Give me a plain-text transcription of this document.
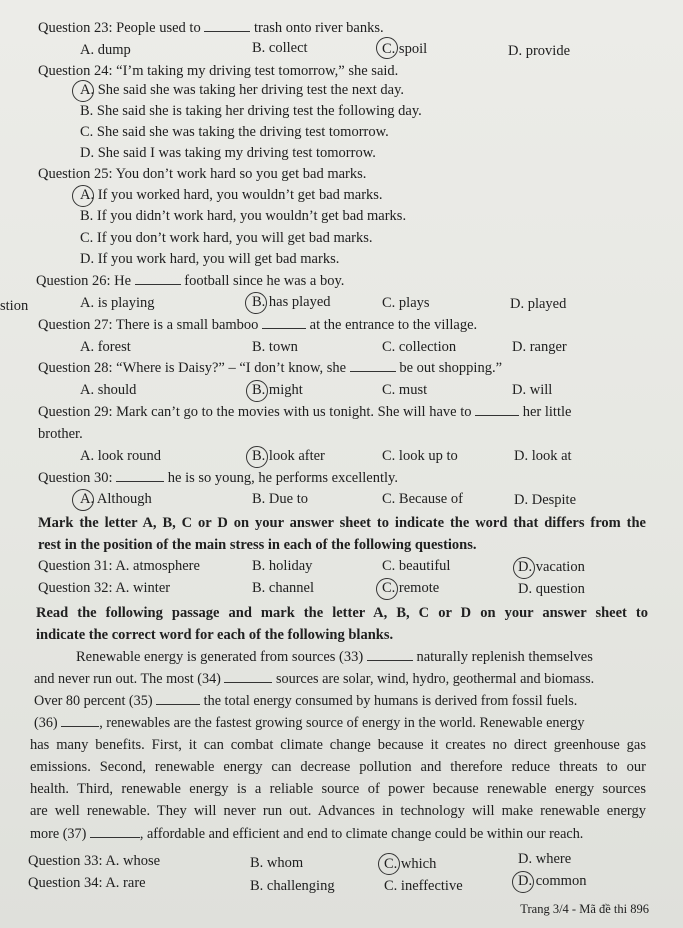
stion
Question 23: People used to	trash onto river banks.
A. dump	B. collect	C. spoil	D. provide
Question 24: “I’m taking my driving test tomorrow,” she said.
A. She said she was taking her driving test the next day.
B. She said she is taking her driving test the following day.
C. She said she was taking the driving test tomorrow.
D. She said I was taking my driving test tomorrow.
Question 25: You don’t work hard so you get bad marks.
A. If you worked hard, you wouldn’t get bad marks.
B. If you didn’t work hard, you wouldn’t get bad marks.
C. If you don’t work hard, you will get bad marks.
D. If you work hard, you will get bad marks.
Question 26: He	football since he was a boy.
A. is playing	B. has played	C. plays	D. played
Question 27: There is a small bamboo	at the entrance to the village.
A. forest	B. town	C. collection	D. ranger
Question 28: “Where is Daisy?” – “I don’t know, she	be out shopping.”
A. should	B. might	C. must	D. will
Question 29: Mark can’t go to the movies with us tonight. She will have to	her little
brother.
A. look round	B. look after	C. look up to	D. look at
Question 30:	he is so young, he performs excellently.
A. Although	B. Due to	C. Because of	D. Despite
Mark the letter A, B, C or D on your answer sheet to indicate the word that differs from the
rest in the position of the main stress in each of the following questions.
Question 31: A. atmosphere	B. holiday	C. beautiful	D. vacation
Question 32: A. winter	B. channel	C. remote	D. question
Read the following passage and mark the letter A, B, C or D on your answer sheet to
indicate the correct word for each of the following blanks.
Renewable energy is generated from sources (33)	naturally replenish themselves
and never run out. The most (34)	sources are solar, wind, hydro, geothermal and biomass.
Over 80 percent (35)	the total energy consumed by humans is derived from fossil fuels.
(36)	, renewables are the fastest growing source of energy in the world. Renewable energy
has many benefits. First, it can combat climate change because it creates no direct greenhouse gas
emissions. Second, renewable energy can decrease pollution and therefore reduce threats to our
health. Third, renewable energy is a reliable source of power because renewable energy sources
are well renewable. They will never run out. Advances in technology will make renewable energy
more (37)	, affordable and efficient and end to climate change could be within our reach.
Question 33: A. whose	B. whom	C. which	D. where
Question 34: A. rare	B. challenging	C. ineffective	D. common
Trang 3/4 - Mã đề thi 896
